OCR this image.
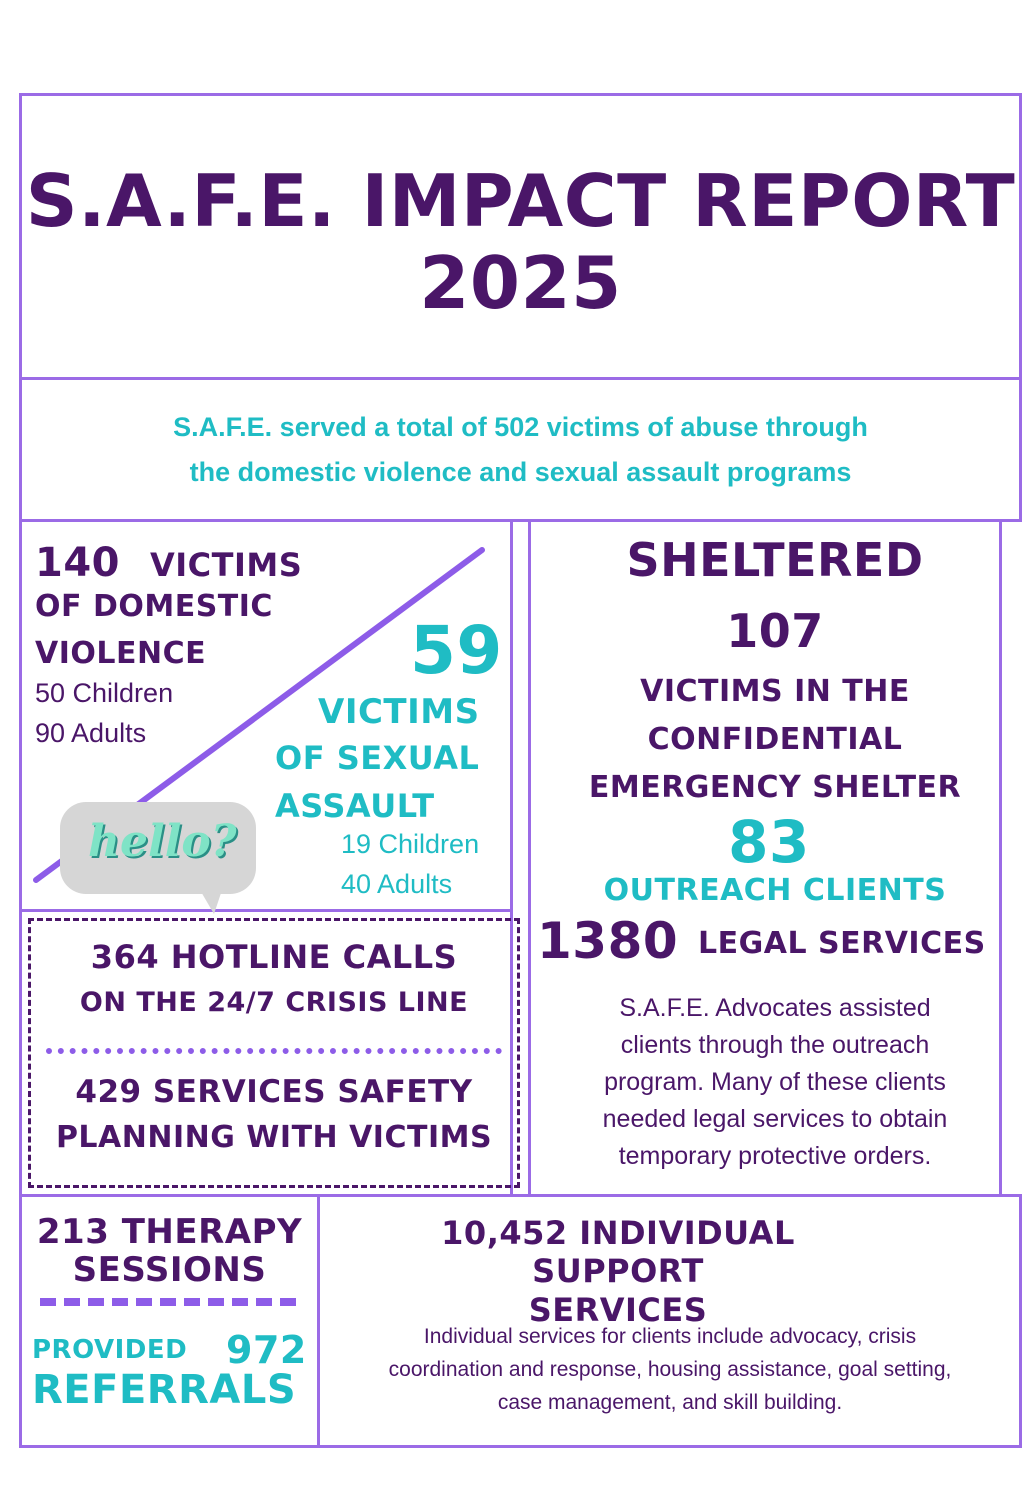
S.A.F.E. IMPACT REPORT
2025
S.A.F.E. served a total of 502 victims of abuse through
the domestic violence and sexual assault programs
140 VICTIMS
OF DOMESTIC
VIOLENCE
50 Children
90 Adults
59
VICTIMS
OF SEXUAL
ASSAULT
19 Children
40 Adults
hello?
SHELTERED
107
VICTIMS IN THE
CONFIDENTIAL
EMERGENCY SHELTER
83
OUTREACH CLIENTS
1380 LEGAL SERVICES
S.A.F.E. Advocates assisted
clients through the outreach
program. Many of these clients
needed legal services to obtain
temporary protective orders.
364 HOTLINE CALLS
ON THE 24/7 CRISIS LINE
429 SERVICES SAFETY
PLANNING WITH VICTIMS
213 THERAPY
SESSIONS
PROVIDED 972
REFERRALS
10,452 INDIVIDUAL
SUPPORT
SERVICES
Individual services for clients include advocacy, crisis
coordination and response, housing assistance, goal setting,
case management, and skill building.
